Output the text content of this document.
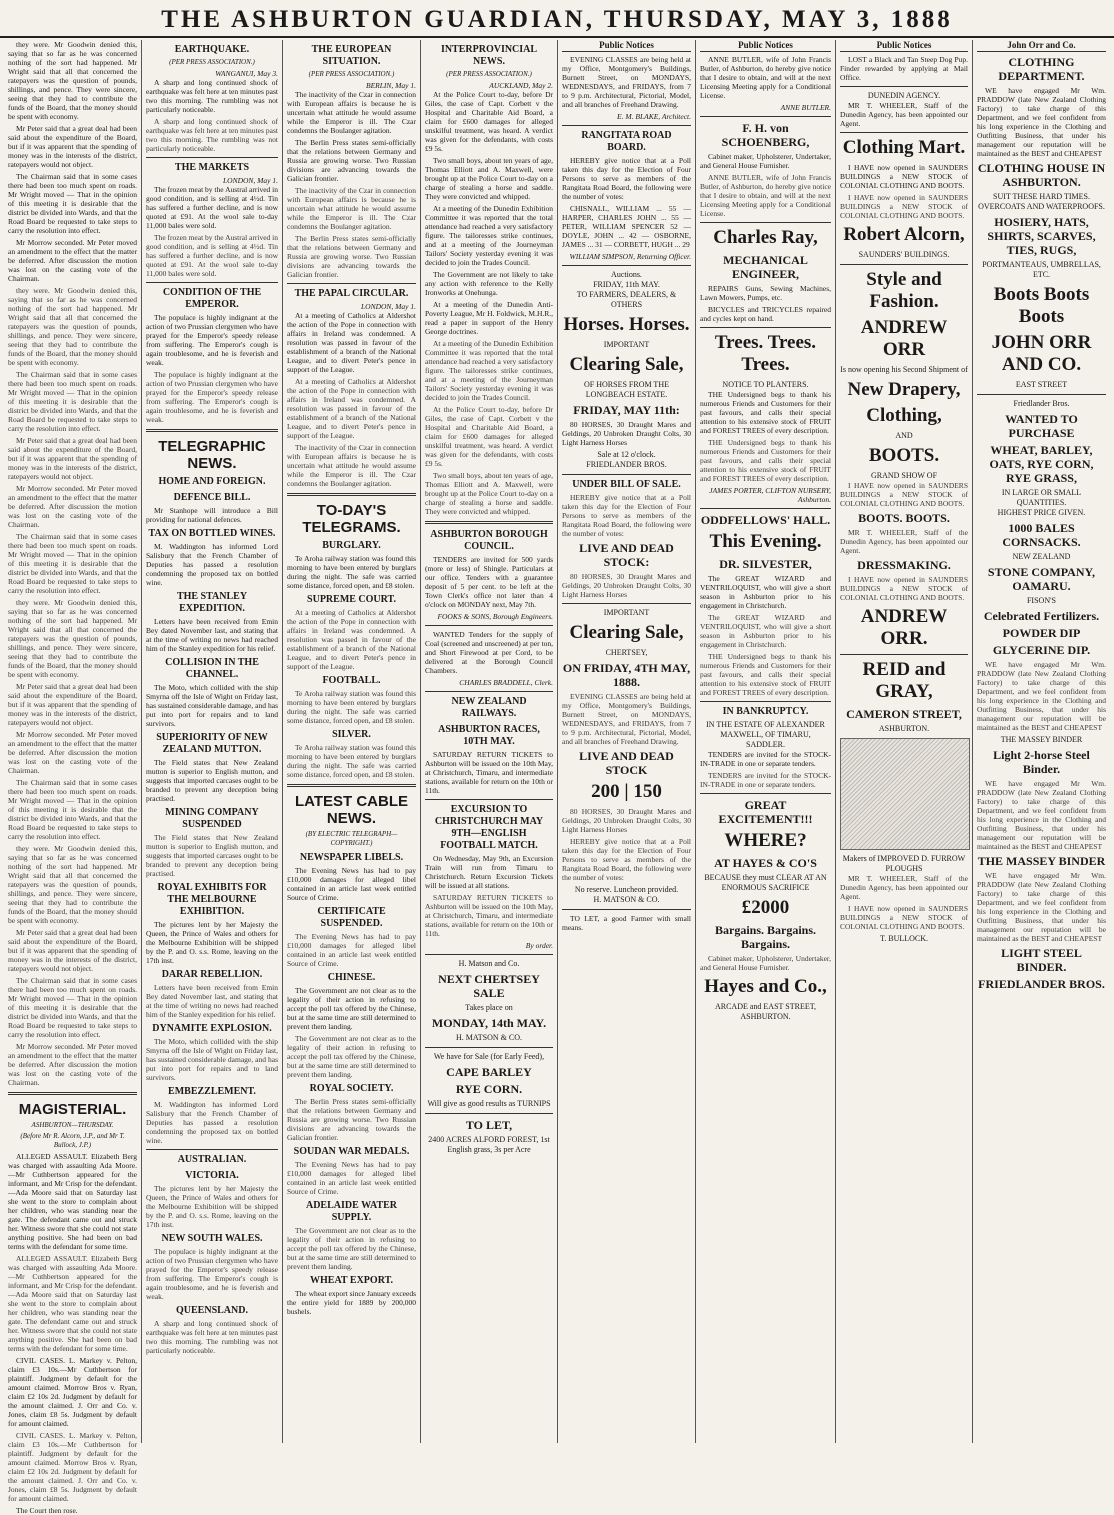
THE ASHBURTON GUARDIAN, THURSDAY, MAY 3, 1888

they were. Mr Goodwin denied this, saying that so far as he was concerned nothing of the sort had happened. Mr Wright said that all that concerned the ratepayers was the question of pounds, shillings, and pence. They were sincere, seeing that they had to contribute the funds of the Board, that the money should be spent with economy.

Mr Peter said that a great deal had been said about the expenditure of the Board, but if it was apparent that the spending of money was in the interests of the district, ratepayers would not object.

The Chairman said that in some cases there had been too much spent on roads. Mr Wright moved — That in the opinion of this meeting it is desirable that the district be divided into Wards, and that the Road Board be requested to take steps to carry the resolution into effect.

Mr Morrow seconded. Mr Peter moved an amendment to the effect that the matter be deferred. After discussion the motion was lost on the casting vote of the Chairman.

they were. Mr Goodwin denied this, saying that so far as he was concerned nothing of the sort had happened. Mr Wright said that all that concerned the ratepayers was the question of pounds, shillings, and pence. They were sincere, seeing that they had to contribute the funds of the Board, that the money should be spent with economy.

The Chairman said that in some cases there had been too much spent on roads. Mr Wright moved — That in the opinion of this meeting it is desirable that the district be divided into Wards, and that the Road Board be requested to take steps to carry the resolution into effect.

Mr Peter said that a great deal had been said about the expenditure of the Board, but if it was apparent that the spending of money was in the interests of the district, ratepayers would not object.

Mr Morrow seconded. Mr Peter moved an amendment to the effect that the matter be deferred. After discussion the motion was lost on the casting vote of the Chairman.

The Chairman said that in some cases there had been too much spent on roads. Mr Wright moved — That in the opinion of this meeting it is desirable that the district be divided into Wards, and that the Road Board be requested to take steps to carry the resolution into effect.

they were. Mr Goodwin denied this, saying that so far as he was concerned nothing of the sort had happened. Mr Wright said that all that concerned the ratepayers was the question of pounds, shillings, and pence. They were sincere, seeing that they had to contribute the funds of the Board, that the money should be spent with economy.

Mr Peter said that a great deal had been said about the expenditure of the Board, but if it was apparent that the spending of money was in the interests of the district, ratepayers would not object.

Mr Morrow seconded. Mr Peter moved an amendment to the effect that the matter be deferred. After discussion the motion was lost on the casting vote of the Chairman.

The Chairman said that in some cases there had been too much spent on roads. Mr Wright moved — That in the opinion of this meeting it is desirable that the district be divided into Wards, and that the Road Board be requested to take steps to carry the resolution into effect.

they were. Mr Goodwin denied this, saying that so far as he was concerned nothing of the sort had happened. Mr Wright said that all that concerned the ratepayers was the question of pounds, shillings, and pence. They were sincere, seeing that they had to contribute the funds of the Board, that the money should be spent with economy.

Mr Peter said that a great deal had been said about the expenditure of the Board, but if it was apparent that the spending of money was in the interests of the district, ratepayers would not object.

The Chairman said that in some cases there had been too much spent on roads. Mr Wright moved — That in the opinion of this meeting it is desirable that the district be divided into Wards, and that the Road Board be requested to take steps to carry the resolution into effect.

Mr Morrow seconded. Mr Peter moved an amendment to the effect that the matter be deferred. After discussion the motion was lost on the casting vote of the Chairman.

MAGISTERIAL.
ASHBURTON—THURSDAY.
(Before Mr R. Alcorn, J.P., and Mr T. Bullock, J.P.)

ALLEGED ASSAULT. Elizabeth Berg was charged with assaulting Ada Moore.—Mr Cuthbertson appeared for the informant, and Mr Crisp for the defendant.—Ada Moore said that on Saturday last she went to the store to complain about her children, who was standing near the gate. The defendant came out and struck her. Witness swore that she could not state anything positive. She had been on bad terms with the defendant for some time.

ALLEGED ASSAULT. Elizabeth Berg was charged with assaulting Ada Moore.—Mr Cuthbertson appeared for the informant, and Mr Crisp for the defendant.—Ada Moore said that on Saturday last she went to the store to complain about her children, who was standing near the gate. The defendant came out and struck her. Witness swore that she could not state anything positive. She had been on bad terms with the defendant for some time.

CIVIL CASES. L. Markey v. Pelton, claim £3 10s.—Mr Cuthbertson for plaintiff. Judgment by default for the amount claimed. Morrow Bros v. Ryan, claim £2 10s 2d. Judgment by default for the amount claimed. J. Orr and Co. v. Jones, claim £8 5s. Judgment by default for amount claimed.

CIVIL CASES. L. Markey v. Pelton, claim £3 10s.—Mr Cuthbertson for plaintiff. Judgment by default for the amount claimed. Morrow Bros v. Ryan, claim £2 10s 2d. Judgment by default for the amount claimed. J. Orr and Co. v. Jones, claim £8 5s. Judgment by default for amount claimed.

The Court then rose.

EARTHQUAKE.
(PER PRESS ASSOCIATION.)
WANGANUI, May 3.

A sharp and long continued shock of earthquake was felt here at ten minutes past two this morning. The rumbling was not particularly noticeable.

A sharp and long continued shock of earthquake was felt here at ten minutes past two this morning. The rumbling was not particularly noticeable.

THE MARKETS
LONDON, May 1.

The frozen meat by the Austral arrived in good condition, and is selling at 4½d. Tin has suffered a further decline, and is now quoted at £91. At the wool sale to-day 11,000 bales were sold.

The frozen meat by the Austral arrived in good condition, and is selling at 4½d. Tin has suffered a further decline, and is now quoted at £91. At the wool sale to-day 11,000 bales were sold.

CONDITION OF THE EMPEROR.

The populace is highly indignant at the action of two Prussian clergymen who have prayed for the Emperor's speedy release from suffering. The Emperor's cough is again troublesome, and he is feverish and weak.

The populace is highly indignant at the action of two Prussian clergymen who have prayed for the Emperor's speedy release from suffering. The Emperor's cough is again troublesome, and he is feverish and weak.

TELEGRAPHIC NEWS.
HOME AND FOREIGN.
DEFENCE BILL.

Mr Stanhope will introduce a Bill providing for national defences.

TAX ON BOTTLED WINES.

M. Waddington has informed Lord Salisbury that the French Chamber of Deputies has passed a resolution condemning the proposed tax on bottled wine.

THE STANLEY EXPEDITION.

Letters have been received from Emin Bey dated November last, and stating that at the time of writing no news had reached him of the Stanley expedition for his relief.

COLLISION IN THE CHANNEL.

The Moto, which collided with the ship Smyrna off the Isle of Wight on Friday last, has sustained considerable damage, and has put into port for repairs and to land survivors.

SUPERIORITY OF NEW ZEALAND MUTTON.

The Field states that New Zealand mutton is superior to English mutton, and suggests that imported carcases ought to be branded to prevent any deception being practised.

MINING COMPANY SUSPENDED

The Field states that New Zealand mutton is superior to English mutton, and suggests that imported carcases ought to be branded to prevent any deception being practised.

ROYAL EXHIBITS FOR THE MELBOURNE EXHIBITION.

The pictures lent by her Majesty the Queen, the Prince of Wales and others for the Melbourne Exhibition will be shipped by the P. and O. s.s. Rome, leaving on the 17th inst.

DARAR REBELLION.

Letters have been received from Emin Bey dated November last, and stating that at the time of writing no news had reached him of the Stanley expedition for his relief.

DYNAMITE EXPLOSION.

The Moto, which collided with the ship Smyrna off the Isle of Wight on Friday last, has sustained considerable damage, and has put into port for repairs and to land survivors.

EMBEZZLEMENT.

M. Waddington has informed Lord Salisbury that the French Chamber of Deputies has passed a resolution condemning the proposed tax on bottled wine.

AUSTRALIAN.
VICTORIA.

The pictures lent by her Majesty the Queen, the Prince of Wales and others for the Melbourne Exhibition will be shipped by the P. and O. s.s. Rome, leaving on the 17th inst.

NEW SOUTH WALES.

The populace is highly indignant at the action of two Prussian clergymen who have prayed for the Emperor's speedy release from suffering. The Emperor's cough is again troublesome, and he is feverish and weak.

QUEENSLAND.

A sharp and long continued shock of earthquake was felt here at ten minutes past two this morning. The rumbling was not particularly noticeable.

THE EUROPEAN SITUATION.
(PER PRESS ASSOCIATION.)
BERLIN, May 1.

The inactivity of the Czar in connection with European affairs is because he is uncertain what attitude he would assume while the Emperor is ill. The Czar condemns the Boulanger agitation.

The Berlin Press states semi-officially that the relations between Germany and Russia are growing worse. Two Russian divisions are advancing towards the Galician frontier.

The inactivity of the Czar in connection with European affairs is because he is uncertain what attitude he would assume while the Emperor is ill. The Czar condemns the Boulanger agitation.

The Berlin Press states semi-officially that the relations between Germany and Russia are growing worse. Two Russian divisions are advancing towards the Galician frontier.

THE PAPAL CIRCULAR.
LONDON, May 1.

At a meeting of Catholics at Aldershot the action of the Pope in connection with affairs in Ireland was condemned. A resolution was passed in favour of the establishment of a branch of the National League, and to divert Peter's pence in support of the League.

At a meeting of Catholics at Aldershot the action of the Pope in connection with affairs in Ireland was condemned. A resolution was passed in favour of the establishment of a branch of the National League, and to divert Peter's pence in support of the League.

The inactivity of the Czar in connection with European affairs is because he is uncertain what attitude he would assume while the Emperor is ill. The Czar condemns the Boulanger agitation.

TO-DAY'S TELEGRAMS.
BURGLARY.

Te Aroha railway station was found this morning to have been entered by burglars during the night. The safe was carried some distance, forced open, and £8 stolen.

SUPREME COURT.

At a meeting of Catholics at Aldershot the action of the Pope in connection with affairs in Ireland was condemned. A resolution was passed in favour of the establishment of a branch of the National League, and to divert Peter's pence in support of the League.

FOOTBALL.

Te Aroha railway station was found this morning to have been entered by burglars during the night. The safe was carried some distance, forced open, and £8 stolen.

SILVER.

Te Aroha railway station was found this morning to have been entered by burglars during the night. The safe was carried some distance, forced open, and £8 stolen.

LATEST CABLE NEWS.
(BY ELECTRIC TELEGRAPH—COPYRIGHT.)
NEWSPAPER LIBELS.

The Evening News has had to pay £10,000 damages for alleged libel contained in an article last week entitled Source of Crime.

CERTIFICATE SUSPENDED.

The Evening News has had to pay £10,000 damages for alleged libel contained in an article last week entitled Source of Crime.

CHINESE.

The Government are not clear as to the legality of their action in refusing to accept the poll tax offered by the Chinese, but at the same time are still determined to prevent them landing.

The Government are not clear as to the legality of their action in refusing to accept the poll tax offered by the Chinese, but at the same time are still determined to prevent them landing.

ROYAL SOCIETY.

The Berlin Press states semi-officially that the relations between Germany and Russia are growing worse. Two Russian divisions are advancing towards the Galician frontier.

SOUDAN WAR MEDALS.

The Evening News has had to pay £10,000 damages for alleged libel contained in an article last week entitled Source of Crime.

ADELAIDE WATER SUPPLY.

The Government are not clear as to the legality of their action in refusing to accept the poll tax offered by the Chinese, but at the same time are still determined to prevent them landing.

WHEAT EXPORT.

The wheat export since January exceeds the entire yield for 1889 by 200,000 bushels.

INTERPROVINCIAL NEWS.
(PER PRESS ASSOCIATION.)
AUCKLAND, May 2.

At the Police Court to-day, before Dr Giles, the case of Capt. Corbett v the Hospital and Charitable Aid Board, a claim for £600 damages for alleged unskilful treatment, was heard. A verdict was given for the defendants, with costs £9 5s.

Two small boys, about ten years of age, Thomas Elliott and A. Maxwell, were brought up at the Police Court to-day on a charge of stealing a horse and saddle. They were convicted and whipped.

At a meeting of the Dunedin Exhibition Committee it was reported that the total attendance had reached a very satisfactory figure. The tailoresses strike continues, and at a meeting of the Journeyman Tailors' Society yesterday evening it was decided to join the Trades Council.

The Government are not likely to take any action with reference to the Kelly Ironworks at Onehunga.

At a meeting of the Dunedin Anti-Poverty League, Mr H. Foldwick, M.H.R., read a paper in support of the Henry George doctrines.

At a meeting of the Dunedin Exhibition Committee it was reported that the total attendance had reached a very satisfactory figure. The tailoresses strike continues, and at a meeting of the Journeyman Tailors' Society yesterday evening it was decided to join the Trades Council.

At the Police Court to-day, before Dr Giles, the case of Capt. Corbett v the Hospital and Charitable Aid Board, a claim for £600 damages for alleged unskilful treatment, was heard. A verdict was given for the defendants, with costs £9 5s.

Two small boys, about ten years of age, Thomas Elliott and A. Maxwell, were brought up at the Police Court to-day on a charge of stealing a horse and saddle. They were convicted and whipped.

ASHBURTON BOROUGH COUNCIL.

TENDERS are invited for 500 yards (more or less) of Shingle. Particulars at our office. Tenders with a guarantee deposit of 5 per cent. to be left at the Town Clerk's office not later than 4 o'clock on MONDAY next, May 7th.

FOOKS & SONS, Borough Engineers.

WANTED Tenders for the supply of Coal (screened and unscreened) at per ton, and Short Firewood at per Cord, to be delivered at the Borough Council Chambers.

CHARLES BRADDELL, Clerk.
NEW ZEALAND RAILWAYS.
ASHBURTON RACES, 10TH MAY.

SATURDAY RETURN TICKETS to Ashburton will be issued on the 10th May, at Christchurch, Timaru, and intermediate stations, available for return on the 10th or 11th.

EXCURSION TO CHRISTCHURCH MAY 9TH—ENGLISH FOOTBALL MATCH.

On Wednesday, May 9th, an Excursion Train will run from Timaru to Christchurch. Return Excursion Tickets will be issued at all stations.

SATURDAY RETURN TICKETS to Ashburton will be issued on the 10th May, at Christchurch, Timaru, and intermediate stations, available for return on the 10th or 11th.

By order.
H. Matson and Co.
NEXT CHERTSEY SALE
Takes place on
MONDAY, 14th MAY.
H. MATSON & CO.
We have for Sale (for Early Feed),
CAPE BARLEY
RYE CORN.
Will give as good results as TURNIPS
TO LET,
2400 ACRES ALFORD FOREST, 1st English grass, 3s per Acre
Public Notices

EVENING CLASSES are being held at my Office, Montgomery's Buildings, Burnett Street, on MONDAYS, WEDNESDAYS, and FRIDAYS, from 7 to 9 p.m. Architectural, Pictorial, Model, and all branches of Freehand Drawing.

E. M. BLAKE, Architect.
RANGITATA ROAD BOARD.

HEREBY give notice that at a Poll taken this day for the Election of Four Persons to serve as members of the Rangitata Road Board, the following were the number of votes:

CHISNALL, WILLIAM ... 55 — HARPER, CHARLES JOHN ... 55 — PETER, WILLIAM SPENCER 52 — DOYLE, JOHN ... 42 — OSBORNE, JAMES ... 31 — CORBETT, HUGH ... 29

WILLIAM SIMPSON, Returning Officer.
Auctions.
FRIDAY, 11th MAY.
TO FARMERS, DEALERS, & OTHERS
Horses. Horses.
IMPORTANT
Clearing Sale,
OF HORSES FROM THE LONGBEACH ESTATE.
FRIDAY, MAY 11th:

80 HORSES, 30 Draught Mares and Geldings, 20 Unbroken Draught Colts, 30 Light Harness Horses

Sale at 12 o'clock.
FRIEDLANDER BROS.
UNDER BILL OF SALE.

HEREBY give notice that at a Poll taken this day for the Election of Four Persons to serve as members of the Rangitata Road Board, the following were the number of votes:

LIVE AND DEAD STOCK:

80 HORSES, 30 Draught Mares and Geldings, 20 Unbroken Draught Colts, 30 Light Harness Horses

IMPORTANT
Clearing Sale,
CHERTSEY,
ON FRIDAY, 4TH MAY, 1888.

EVENING CLASSES are being held at my Office, Montgomery's Buildings, Burnett Street, on MONDAYS, WEDNESDAYS, and FRIDAYS, from 7 to 9 p.m. Architectural, Pictorial, Model, and all branches of Freehand Drawing.

LIVE AND DEAD STOCK
200 | 150

80 HORSES, 30 Draught Mares and Geldings, 20 Unbroken Draught Colts, 30 Light Harness Horses

HEREBY give notice that at a Poll taken this day for the Election of Four Persons to serve as members of the Rangitata Road Board, the following were the number of votes:

No reserve. Luncheon provided.
H. MATSON & CO.

TO LET, a good Farmer with small means.

Public Notices

ANNE BUTLER, wife of John Francis Butler, of Ashburton, do hereby give notice that I desire to obtain, and will at the next Licensing Meeting apply for a Conditional License.

ANNE BUTLER.
F. H. von SCHOENBERG,

Cabinet maker, Upholsterer, Undertaker, and General House Furnisher.

ANNE BUTLER, wife of John Francis Butler, of Ashburton, do hereby give notice that I desire to obtain, and will at the next Licensing Meeting apply for a Conditional License.

Charles Ray,
MECHANICAL ENGINEER,

REPAIRS Guns, Sewing Machines, Lawn Mowers, Pumps, etc.

BICYCLES and TRICYCLES repaired and cycles kept on hand.

Trees. Trees. Trees.
NOTICE TO PLANTERS.

THE Undersigned begs to thank his numerous Friends and Customers for their past favours, and calls their special attention to his extensive stock of FRUIT and FOREST TREES of every description.

THE Undersigned begs to thank his numerous Friends and Customers for their past favours, and calls their special attention to his extensive stock of FRUIT and FOREST TREES of every description.

JAMES PORTER, CLIFTON NURSERY, Ashburton.
ODDFELLOWS' HALL.
This Evening.
DR. SILVESTER,

The GREAT WIZARD and VENTRILOQUIST, who will give a short season in Ashburton prior to his engagement in Christchurch.

The GREAT WIZARD and VENTRILOQUIST, who will give a short season in Ashburton prior to his engagement in Christchurch.

THE Undersigned begs to thank his numerous Friends and Customers for their past favours, and calls their special attention to his extensive stock of FRUIT and FOREST TREES of every description.

IN BANKRUPTCY.
IN THE ESTATE OF ALEXANDER MAXWELL, OF TIMARU, SADDLER.

TENDERS are invited for the STOCK-IN-TRADE in one or separate tenders.

TENDERS are invited for the STOCK-IN-TRADE in one or separate tenders.

GREAT EXCITEMENT!!!
WHERE?
AT HAYES & CO'S
BECAUSE they must CLEAR AT AN ENORMOUS SACRIFICE
£2000
Bargains. Bargains. Bargains.

Cabinet maker, Upholsterer, Undertaker, and General House Furnisher.

Hayes and Co.,
ARCADE and EAST STREET, ASHBURTON.
Public Notices

LOST a Black and Tan Steep Dog Pup. Finder rewarded by applying at Mail Office.

DUNEDIN AGENCY.

MR T. WHEELER, Staff of the Dunedin Agency, has been appointed our Agent.

Clothing Mart.

I HAVE now opened in SAUNDERS BUILDINGS a NEW STOCK of COLONIAL CLOTHING AND BOOTS.

I HAVE now opened in SAUNDERS BUILDINGS a NEW STOCK of COLONIAL CLOTHING AND BOOTS.

Robert Alcorn,
SAUNDERS' BUILDINGS.
Style and Fashion.
ANDREW ORR
Is now opening his Second Shipment of
New Drapery,
Clothing,
AND
BOOTS.
GRAND SHOW OF

I HAVE now opened in SAUNDERS BUILDINGS a NEW STOCK of COLONIAL CLOTHING AND BOOTS.

BOOTS. BOOTS.

MR T. WHEELER, Staff of the Dunedin Agency, has been appointed our Agent.

DRESSMAKING.

I HAVE now opened in SAUNDERS BUILDINGS a NEW STOCK of COLONIAL CLOTHING AND BOOTS.

ANDREW ORR.
REID and GRAY,
CAMERON STREET,
ASHBURTON.
Makers of IMPROVED D. FURROW PLOUGHS

MR T. WHEELER, Staff of the Dunedin Agency, has been appointed our Agent.

I HAVE now opened in SAUNDERS BUILDINGS a NEW STOCK of COLONIAL CLOTHING AND BOOTS.

T. BULLOCK.
John Orr and Co.
CLOTHING DEPARTMENT.

WE have engaged Mr Wm. PRADDOW (late New Zealand Clothing Factory) to take charge of this Department, and we feel confident from his long experience in the Clothing and Outfitting Business, that under his management our reputation will be maintained as the BEST and CHEAPEST

CLOTHING HOUSE IN ASHBURTON.
SUIT THESE HARD TIMES.
OVERCOATS AND WATERPROOFS.
HOSIERY, HATS, SHIRTS, SCARVES, TIES, RUGS,
PORTMANTEAUS, UMBRELLAS, ETC.
Boots Boots Boots
JOHN ORR AND CO.
EAST STREET
Friedlander Bros.
WANTED TO PURCHASE
WHEAT, BARLEY, OATS, RYE CORN, RYE GRASS,
IN LARGE OR SMALL QUANTITIES.
HIGHEST PRICE GIVEN.
1000 BALES CORNSACKS.
NEW ZEALAND
STONE COMPANY, OAMARU.
FISON'S
Celebrated Fertilizers.
POWDER DIP
GLYCERINE DIP.

WE have engaged Mr Wm. PRADDOW (late New Zealand Clothing Factory) to take charge of this Department, and we feel confident from his long experience in the Clothing and Outfitting Business, that under his management our reputation will be maintained as the BEST and CHEAPEST

THE MASSEY BINDER
Light 2-horse Steel Binder.

WE have engaged Mr Wm. PRADDOW (late New Zealand Clothing Factory) to take charge of this Department, and we feel confident from his long experience in the Clothing and Outfitting Business, that under his management our reputation will be maintained as the BEST and CHEAPEST

THE MASSEY BINDER

WE have engaged Mr Wm. PRADDOW (late New Zealand Clothing Factory) to take charge of this Department, and we feel confident from his long experience in the Clothing and Outfitting Business, that under his management our reputation will be maintained as the BEST and CHEAPEST

LIGHT STEEL BINDER.
FRIEDLANDER BROS.
